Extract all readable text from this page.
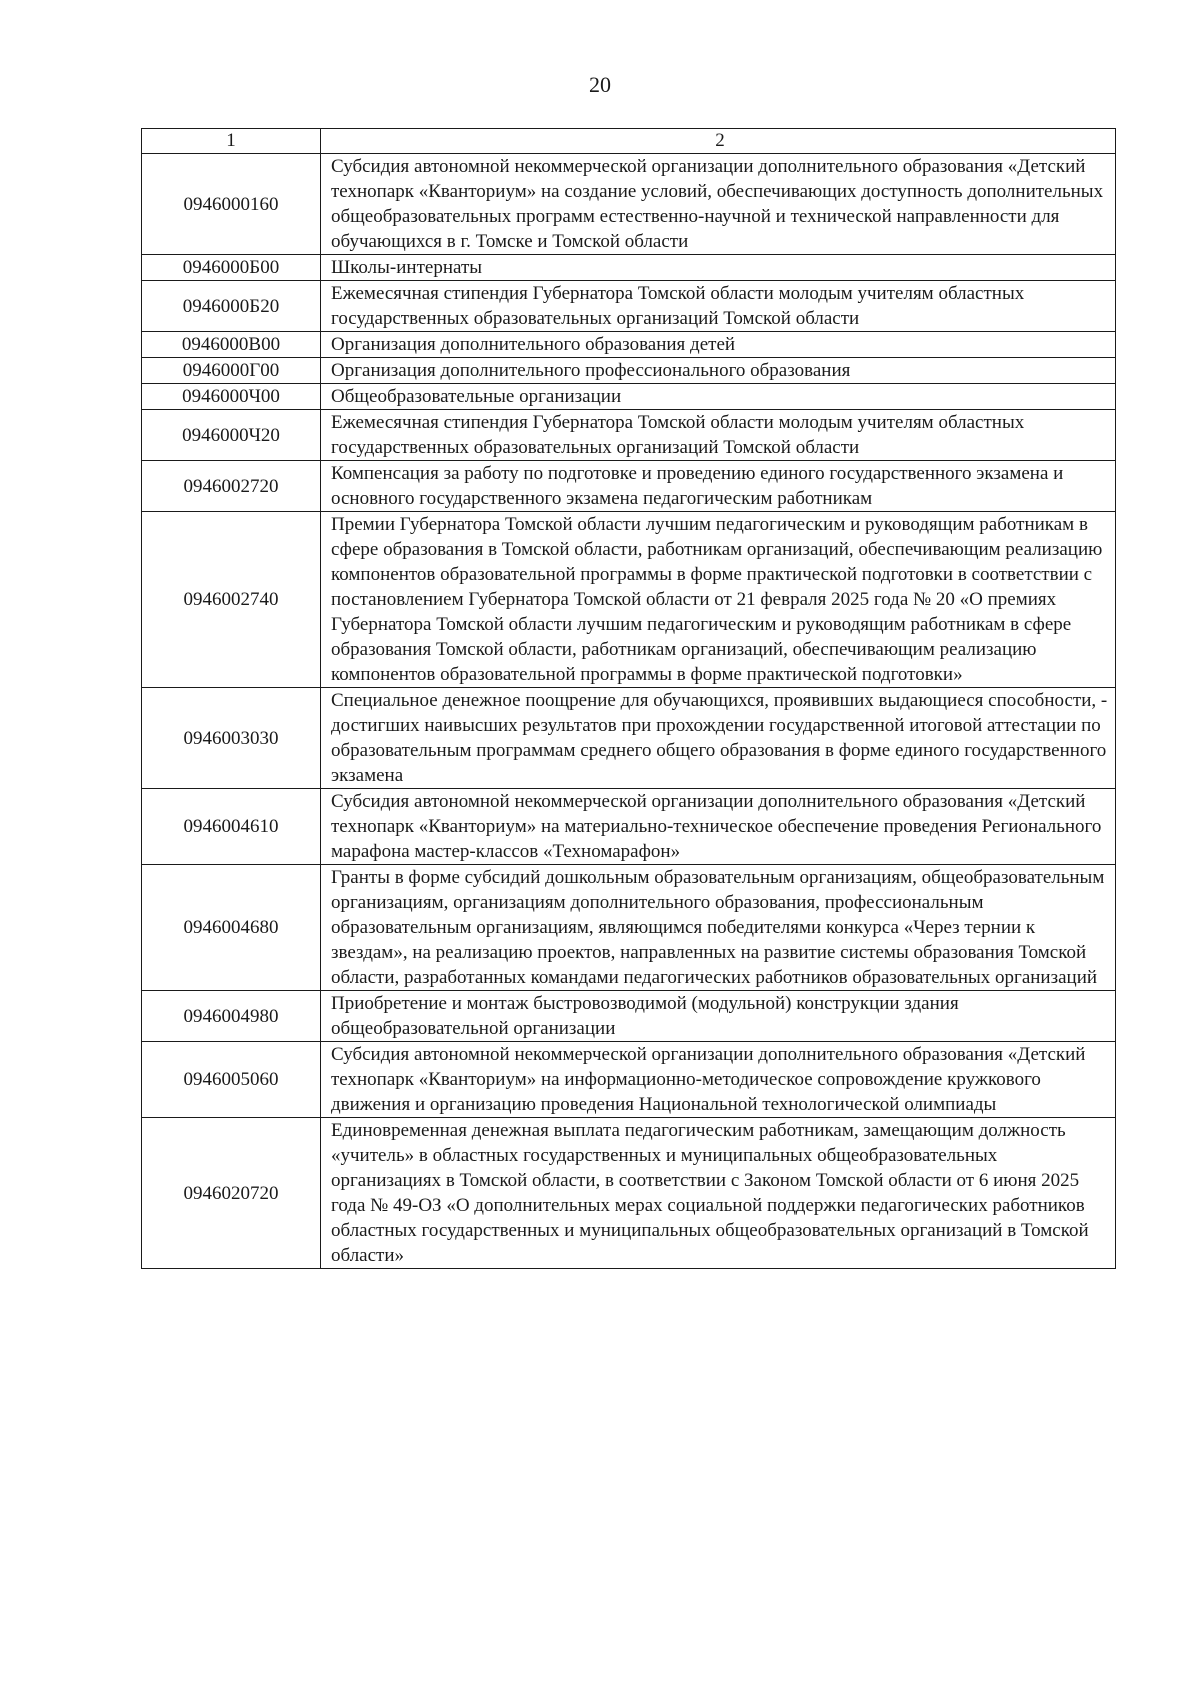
20
1	2
0946000160	Субсидия автономной некоммерческой организации дополнительного образования «Детский технопарк «Кванториум» на создание условий, обеспечивающих доступность дополнительных общеобразовательных программ естественно-научной и технической направленности для обучающихся в г. Томске и Томской области
0946000Б00	Школы-интернаты
0946000Б20	Ежемесячная стипендия Губернатора Томской области молодым учителям областных государственных образовательных организаций Томской области
0946000В00	Организация дополнительного образования детей
0946000Г00	Организация дополнительного профессионального образования
0946000Ч00	Общеобразовательные организации
0946000Ч20	Ежемесячная стипендия Губернатора Томской области молодым учителям областных государственных образовательных организаций Томской области
0946002720	Компенсация за работу по подготовке и проведению единого государственного экзамена и основного государственного экзамена педагогическим работникам
0946002740	Премии Губернатора Томской области лучшим педагогическим и руководящим работникам в сфере образования в Томской области, работникам организаций, обеспечивающим реализацию компонентов образовательной программы в форме практической подготовки в соответствии с постановлением Губернатора Томской области от 21 февраля 2025 года № 20 «О премиях Губернатора Томской области лучшим педагогическим и руководящим работникам в сфере образования Томской области, работникам организаций, обеспечивающим реализацию компонентов образовательной программы в форме практической подготовки»
0946003030	Специальное денежное поощрение для обучающихся, проявивших выдающиеся способности, - достигших наивысших результатов при прохождении государственной итоговой аттестации по образовательным программам среднего общего образования в форме единого государственного экзамена
0946004610	Субсидия автономной некоммерческой организации дополнительного образования «Детский технопарк «Кванториум» на материально-техническое обеспечение проведения Регионального марафона мастер-классов «Техномарафон»
0946004680	Гранты в форме субсидий дошкольным образовательным организациям, общеобразовательным организациям, организациям дополнительного образования, профессиональным образовательным организациям, являющимся победителями конкурса «Через тернии к звездам», на реализацию проектов, направленных на развитие системы образования Томской области, разработанных командами педагогических работников образовательных организаций
0946004980	Приобретение и монтаж быстровозводимой (модульной) конструкции здания общеобразовательной организации
0946005060	Субсидия автономной некоммерческой организации дополнительного образования «Детский технопарк «Кванториум» на информационно-методическое сопровождение кружкового движения и организацию проведения Национальной технологической олимпиады
0946020720	Единовременная денежная выплата педагогическим работникам, замещающим должность «учитель» в областных государственных и муниципальных общеобразовательных организациях в Томской области, в соответствии с Законом Томской области от 6 июня 2025 года № 49-ОЗ «О дополнительных мерах социальной поддержки педагогических работников областных государственных и муниципальных общеобразовательных организаций в Томской области»
